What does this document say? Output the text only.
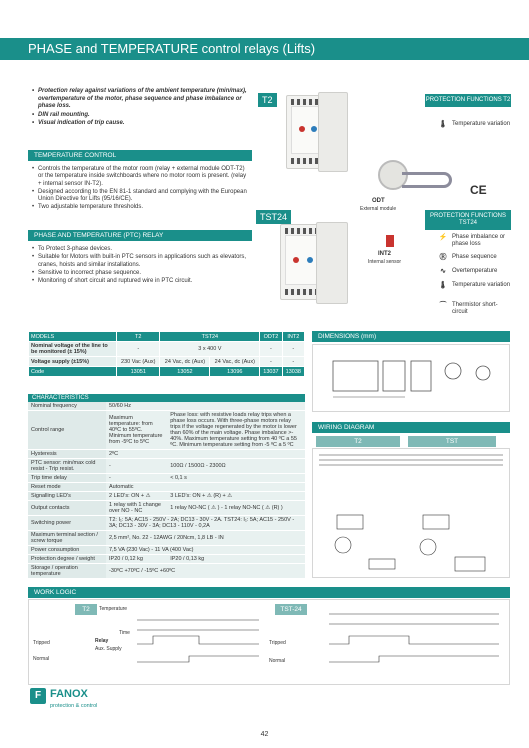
PHASE and TEMPERATURE control relays (Lifts)
• Protection relay against variations of the ambient temperature (min/max), overtemperature of the motor, phase sequence and phase imbalance or phase loss.
• DIN rail mounting.
• Visual indication of trip cause.
TEMPERATURE CONTROL
• Controls the temperature of the motor room (relay + external module ODT-T2) or the temperature inside switchboards where no motor room is present. (relay + internal sensor IN-T2).
• Designed according to the EN 81-1 standard and complying with the European Union Directive for Lifts (95/16/CE).
• Two adjustable temperature thresholds.
PHASE AND TEMPERATURE (PTC) RELAY
• To Protect 3-phase devices.
• Suitable for Motors with built-in PTC sensors in applications such as elevators, cranes, hoists and similar installations.
• Sensitive to incorrect phase sequence.
• Monitoring of short circuit and ruptured wire in PTC circuit.
T2	PROTECTION FUNCTIONS T2
🌡 Temperature variation
ODT
External module
CE
TST24
INT2
Internal sensor
PROTECTION FUNCTIONS TST24
⚡ Phase imbalance or phase loss
Ⓡ Phase sequence
∿	Overtemperature
🌡 Temperature variation
⌒ Thermistor short-circuit
MODELS	T2	TST24		ODT2	INT2
Nominal voltage of the line to be monitored (± 15%)	-	3 x 400 V		-	-
Voltage supply (±15%)	230 Vac (Aux)	24 Vac, dc (Aux)	24 Vac, dc (Aux)	-	-
Code	13051	13052	13096	13037	13038
CHARACTERISTICS		
Nominal frequency	50/60 Hz	
Control range	Maximum temperature: from 40ºC to 55ºC. Minimum temperature from -5ºC to 5ºC	Phase loss: with resistive loads relay trips when a phase loss occurs. With three-phase motors relay trips if the voltage regenerated by the motor is lower than 60% of the main voltage. Phase imbalance >- 40%. Maximum temperature setting from 40 ºC a 55 ºC. Minimum temperature setting from -5 ºC a 5 ºC
Hysteresis	2ºC	
PTC sensor: min/max cold resist - Trip resist.	-	100Ω / 1500Ω - 2300Ω
Trip time delay	-	< 0,1 s
Reset mode	Automatic	
Signalling LED's	2 LED's: ON + ⚠	3 LED's: ON + ⚠ (R) + ⚠
Output contacts	1 relay with 1 change over NO - NC	1 relay NO-NC ( ⚠ ) - 1 relay NO-NC ( ⚠ (R) )
Switching power	T2: I₁: 5A; AC15 - 250V - 2A; DC13 - 30V - 2A. TST24: I₁: 5A; AC15 - 250V - 3A; DC13 - 30V - 3A; DC13 - 110V - 0,2A	
Maximum terminal section / screw torque	2,5 mm², No. 22 - 12AWG / 20Ncm, 1,8 LB - IN	
Power consumption	7,5 VA (230 Vac) - 11 VA (400 Vac)	
Protection degree / weight	IP20 / 0,12 kg	IP20 / 0,13 kg
Storage / operation temperature	-30ºC +70ºC / -15ºC +60ºC	
DIMENSIONS (mm)
WIRING DIAGRAM
T2	TST
WORK LOGIC
T2	TST-24
Temperature
Time
Relay
Aux. Supply
Tripped
Normal
Tripped
Normal
F FANOX
protection & control
42
